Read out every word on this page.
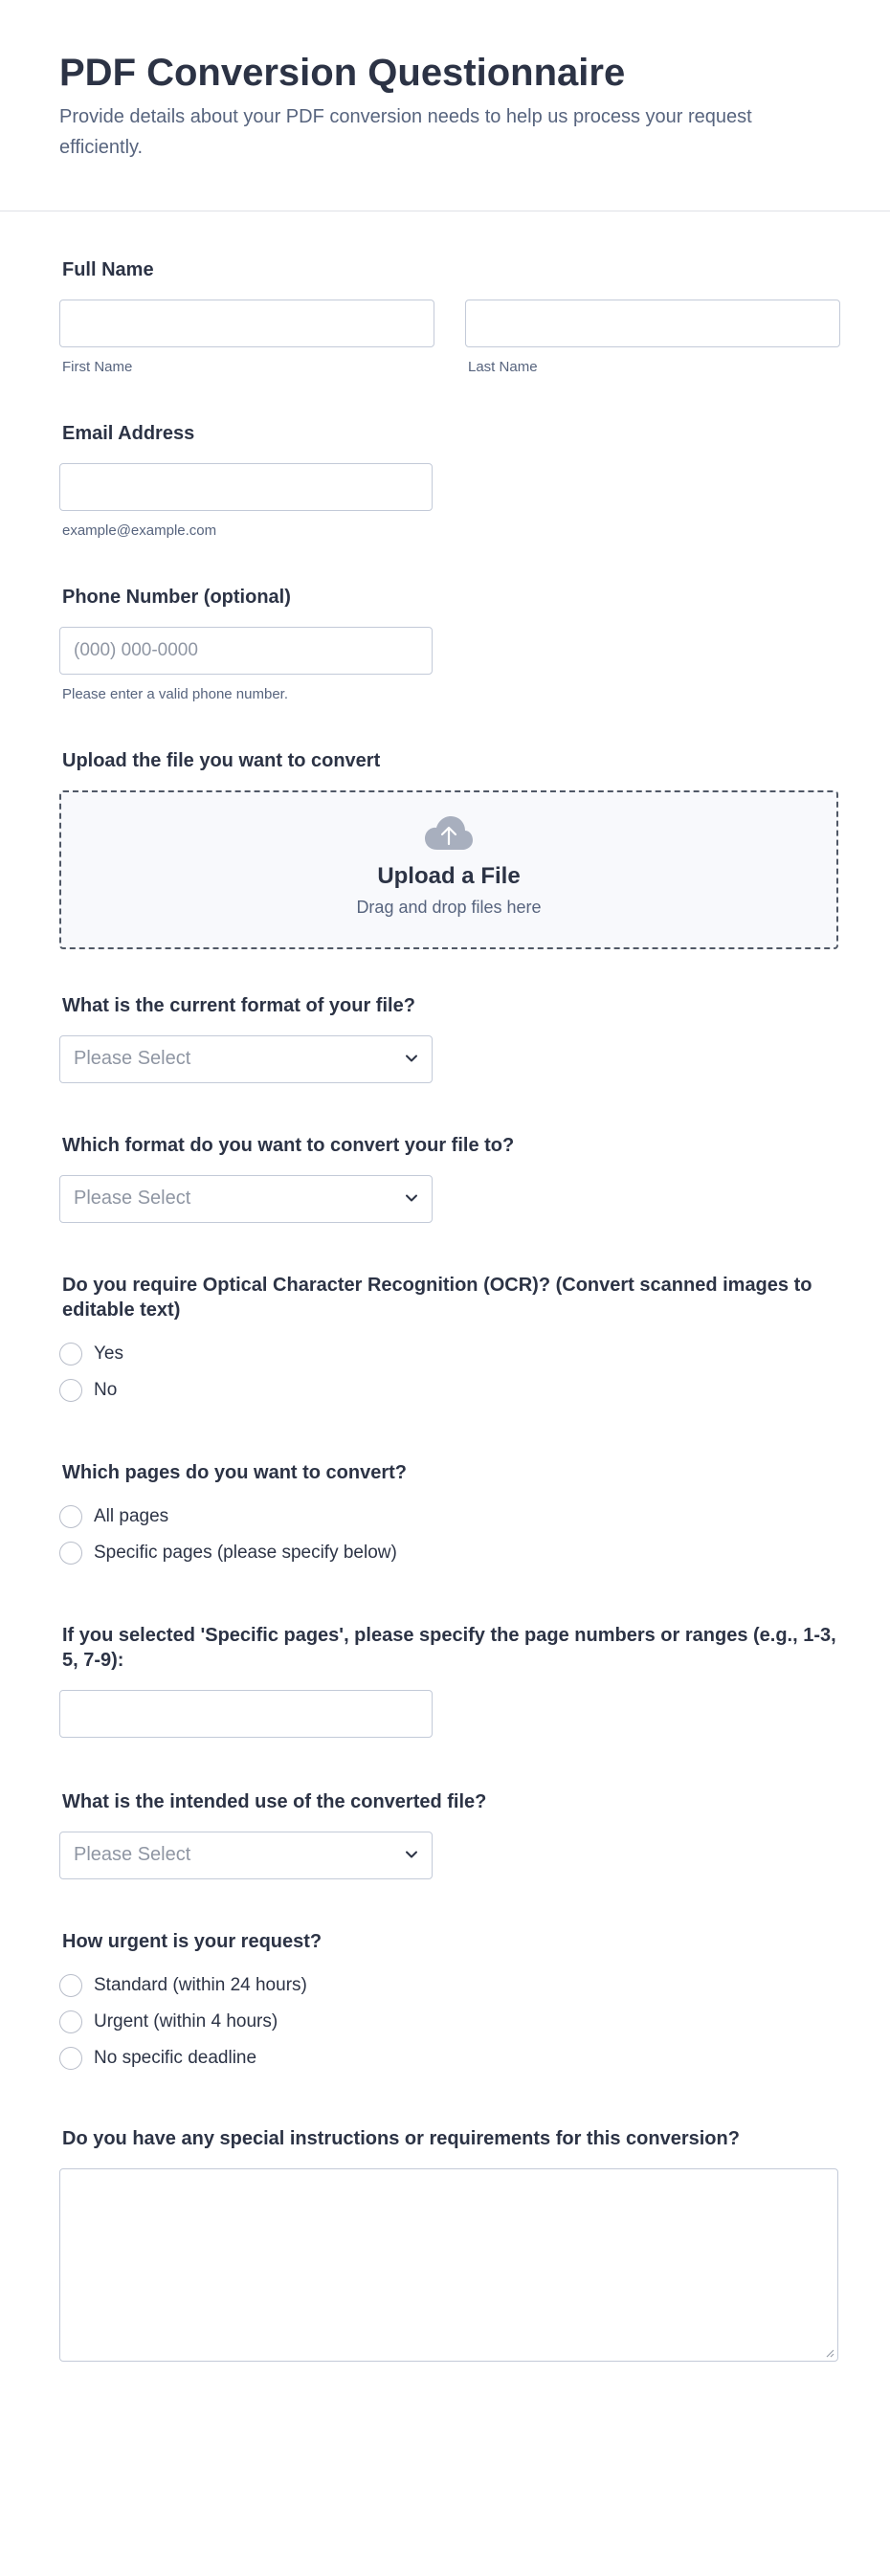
PDF Conversion Questionnaire

Provide details about your PDF conversion needs to help us process your request efficiently.

Full Name
First Name	Last Name
Email Address
example@example.com
Phone Number (optional)
(000) 000-0000
Please enter a valid phone number.
Upload the file you want to convert
Upload a File
Drag and drop files here
What is the current format of your file?
Please Select
Which format do you want to convert your file to?
Please Select
Do you require Optical Character Recognition (OCR)? (Convert scanned images to editable text)
Yes
No
Which pages do you want to convert?
All pages
Specific pages (please specify below)
If you selected 'Specific pages', please specify the page numbers or ranges (e.g., 1-3, 5, 7-9):
What is the intended use of the converted file?
Please Select
How urgent is your request?
Standard (within 24 hours)
Urgent (within 4 hours)
No specific deadline
Do you have any special instructions or requirements for this conversion?
